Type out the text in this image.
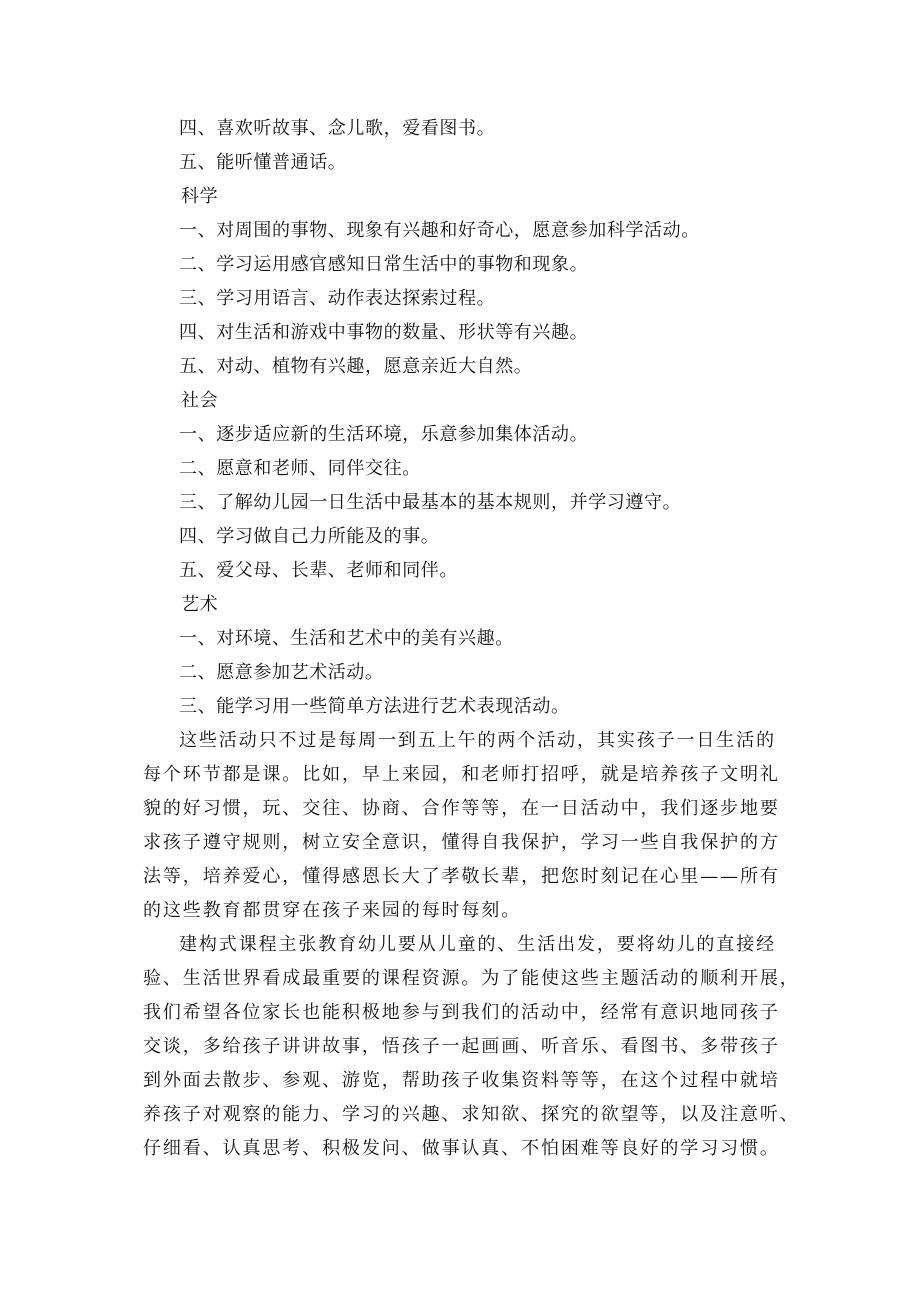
四、喜欢听故事、念儿歌，爱看图书。
五、能听懂普通话。
科学
一、对周围的事物、现象有兴趣和好奇心，愿意参加科学活动。
二、学习运用感官感知日常生活中的事物和现象。
三、学习用语言、动作表达探索过程。
四、对生活和游戏中事物的数量、形状等有兴趣。
五、对动、植物有兴趣，愿意亲近大自然。
社会
一、逐步适应新的生活环境，乐意参加集体活动。
二、愿意和老师、同伴交往。
三、了解幼儿园一日生活中最基本的基本规则，并学习遵守。
四、学习做自己力所能及的事。
五、爱父母、长辈、老师和同伴。
艺术
一、对环境、生活和艺术中的美有兴趣。
二、愿意参加艺术活动。
三、能学习用一些简单方法进行艺术表现活动。
这些活动只不过是每周一到五上午的两个活动，其实孩子一日生活的
每个环节都是课。比如，早上来园，和老师打招呼，就是培养孩子文明礼
貌的好习惯，玩、交往、协商、合作等等，在一日活动中，我们逐步地要
求孩子遵守规则，树立安全意识，懂得自我保护，学习一些自我保护的方
法等，培养爱心，懂得感恩长大了孝敬长辈，把您时刻记在心里——所有
的这些教育都贯穿在孩子来园的每时每刻。
建构式课程主张教育幼儿要从儿童的、生活出发，要将幼儿的直接经
验、生活世界看成最重要的课程资源。为了能使这些主题活动的顺利开展，
我们希望各位家长也能积极地参与到我们的活动中，经常有意识地同孩子
交谈，多给孩子讲讲故事，悟孩子一起画画、听音乐、看图书、多带孩子
到外面去散步、参观、游览，帮助孩子收集资料等等，在这个过程中就培
养孩子对观察的能力、学习的兴趣、求知欲、探究的欲望等，以及注意听、
仔细看、认真思考、积极发问、做事认真、不怕困难等良好的学习习惯。
